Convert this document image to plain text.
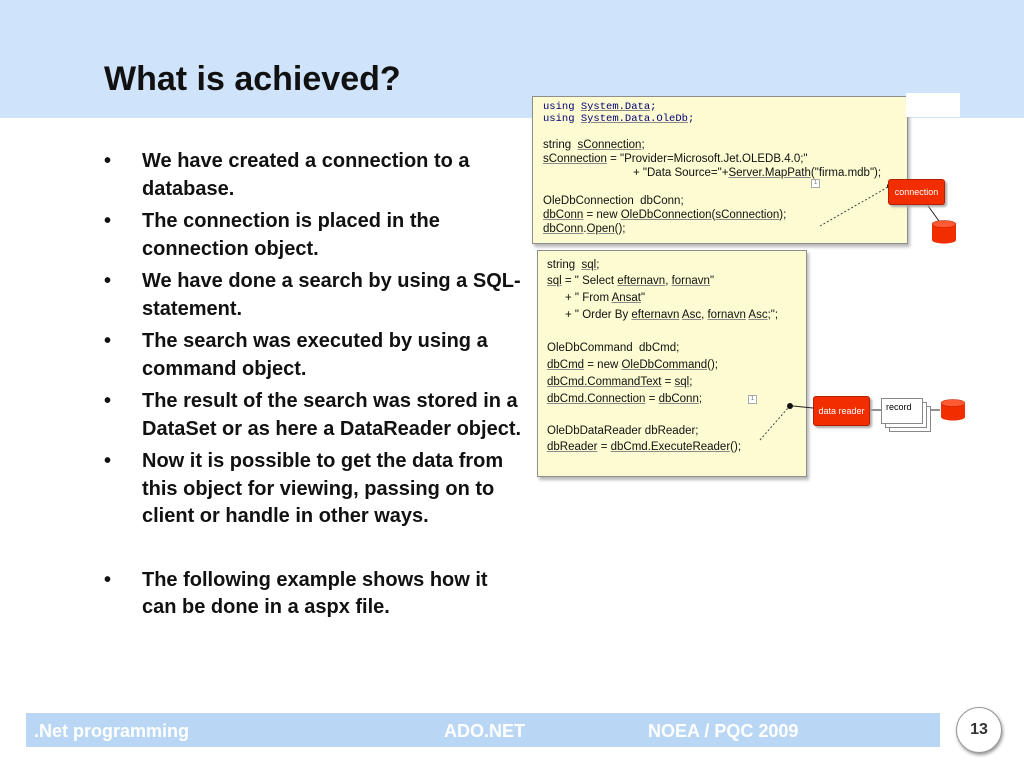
What is achieved?
• We have created a connection to a database.
• The connection is placed in the connection object.
• We have done a search by using a SQL-statement.
• The search was executed by using a command object.
• The result of the search was stored in a DataSet or as here a DataReader object.
• Now it is possible to get the data from this object for viewing, passing on to client or handle in other ways.
• The following example shows how it can be done in a aspx file.
using System.Data;
using System.Data.OleDb;
string  sConnection;
sConnection = "Provider=Microsoft.Jet.OLEDB.4.0;"
+ "Data Source="+Server.MapPath("firma.mdb");
1
OleDbConnection  dbConn;
dbConn = new OleDbConnection(sConnection);
dbConn.Open();
string  sql;
sql = " Select efternavn, fornavn"
+ " From Ansat"
+ " Order By efternavn Asc, fornavn Asc;";
OleDbCommand  dbCmd;
dbCmd = new OleDbCommand();
dbCmd.CommandText = sql;
dbCmd.Connection = dbConn;	1
OleDbDataReader dbReader;
dbReader = dbCmd.ExecuteReader();
connection
data reader	record
.Net programming	ADO.NET	NOEA / PQC 2009	13
